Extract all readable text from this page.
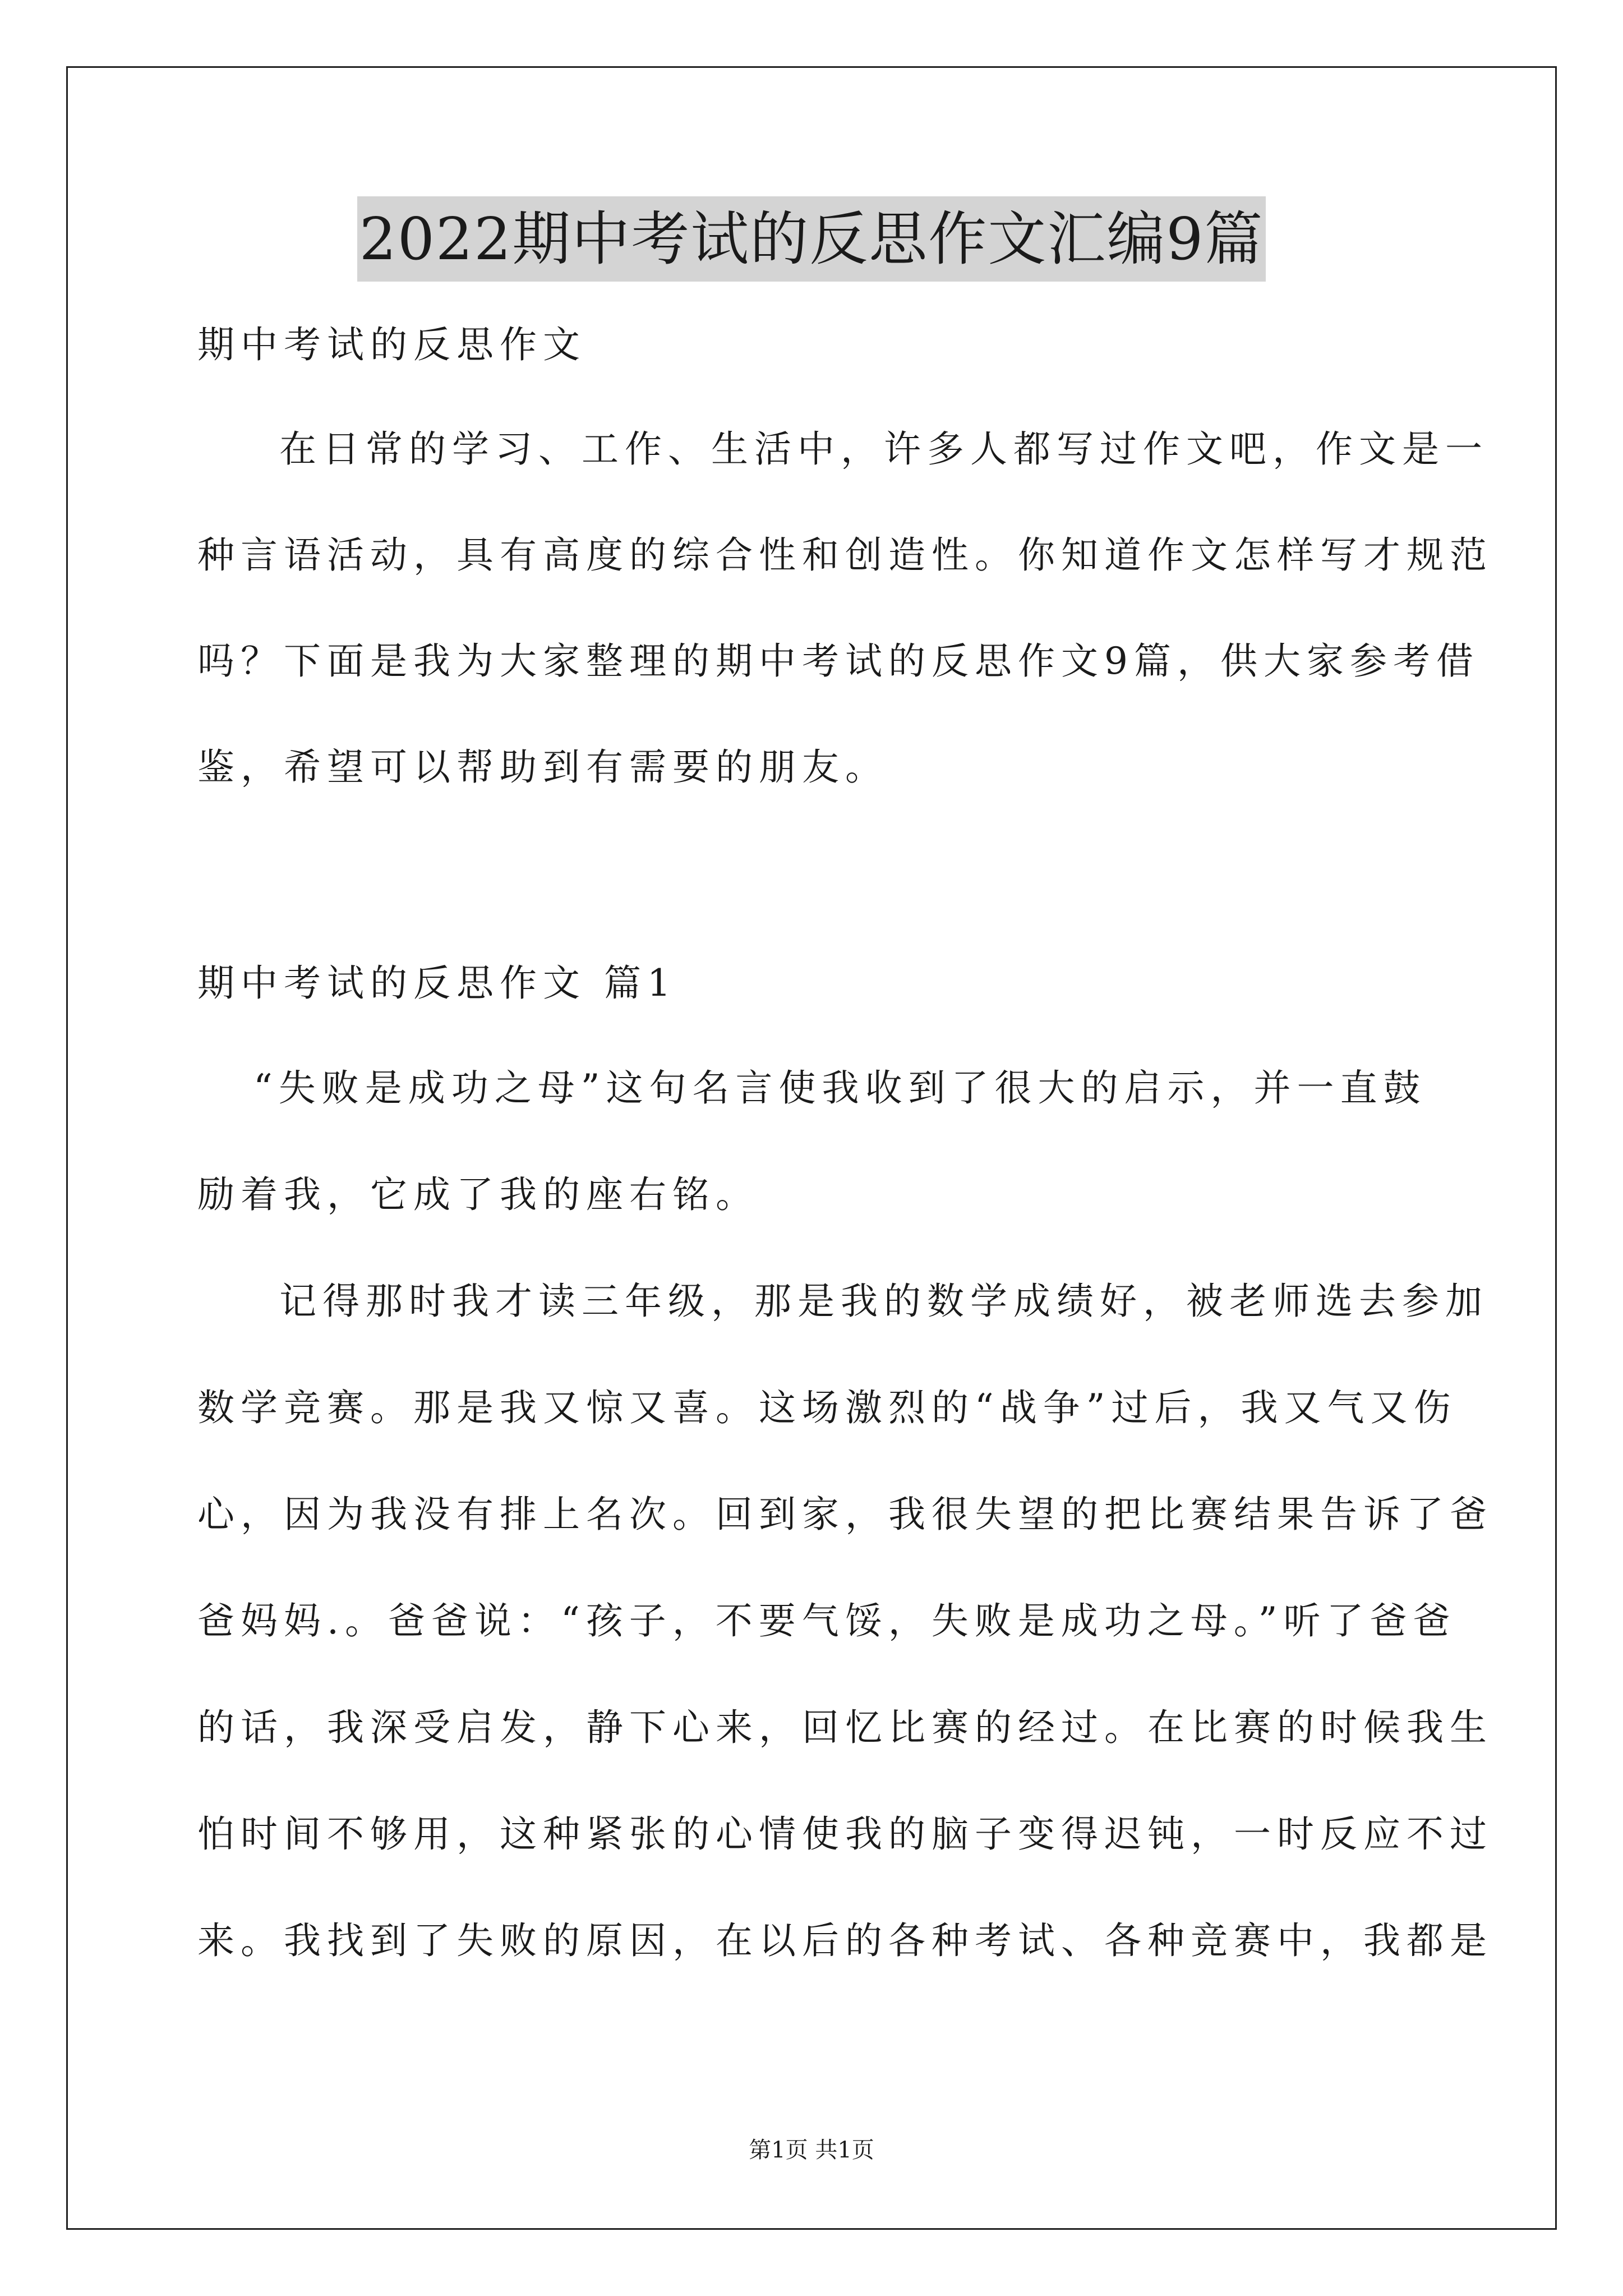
2022期中考试的反思作文汇编9篇
期中考试的反思作文
在日常的学习、工作、生活中，许多人都写过作文吧，作文是一
种言语活动，具有高度的综合性和创造性。你知道作文怎样写才规范
吗？下面是我为大家整理的期中考试的反思作文9篇，供大家参考借
鉴，希望可以帮助到有需要的朋友。
期中考试的反思作文 篇1
“失败是成功之母”这句名言使我收到了很大的启示，并一直鼓
励着我，它成了我的座右铭。
记得那时我才读三年级，那是我的数学成绩好，被老师选去参加
数学竞赛。那是我又惊又喜。这场激烈的“战争”过后，我又气又伤
心，因为我没有排上名次。回到家，我很失望的把比赛结果告诉了爸
爸妈妈.。爸爸说：“孩子，不要气馁，失败是成功之母。”听了爸爸
的话，我深受启发，静下心来，回忆比赛的经过。在比赛的时候我生
怕时间不够用，这种紧张的心情使我的脑子变得迟钝，一时反应不过
来。我找到了失败的原因，在以后的各种考试、各种竞赛中，我都是
第1页 共1页
